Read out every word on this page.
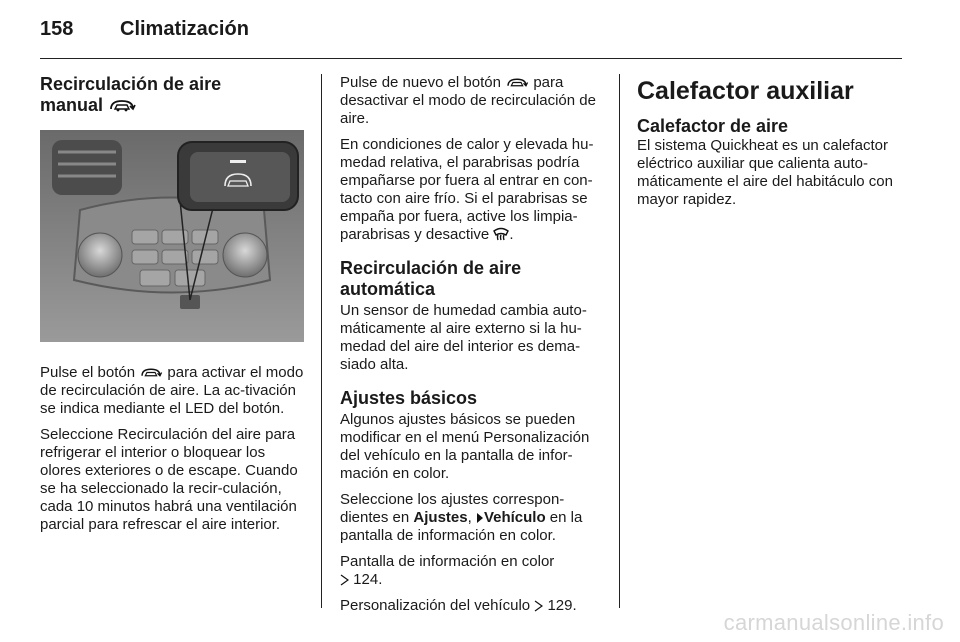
158 Climatización
Recirculación de aire
manual

Pulse el botón para activar el modo de recirculación de aire. La ac-tivación se indica mediante el LED del botón.

Seleccione Recirculación del aire para refrigerar el interior o bloquear los olores exteriores o de escape. Cuando se ha seleccionado la recir-culación, cada 10 minutos habrá una ventilación parcial para refrescar el aire interior.

Pulse de nuevo el botón para desactivar el modo de recirculación de aire.

En condiciones de calor y elevada hu-medad relativa, el parabrisas podría empañarse por fuera al entrar en con-tacto con aire frío. Si el parabrisas se empaña por fuera, active los limpia-parabrisas y desactive .

Recirculación de aire
automática

Un sensor de humedad cambia auto-máticamente al aire externo si la hu-medad del aire del interior es dema-siado alta.

Ajustes básicos

Algunos ajustes básicos se pueden modificar en el menú Personalización del vehículo en la pantalla de infor-mación en color.

Seleccione los ajustes correspon-dientes en Ajustes, Vehículo en la pantalla de información en color.

Pantalla de información en color
124.

Personalización del vehículo 129.

Calefactor auxiliar
Calefactor de aire

El sistema Quickheat es un calefactor eléctrico auxiliar que calienta auto-máticamente el aire del habitáculo con mayor rapidez.

carmanualsonline.info
